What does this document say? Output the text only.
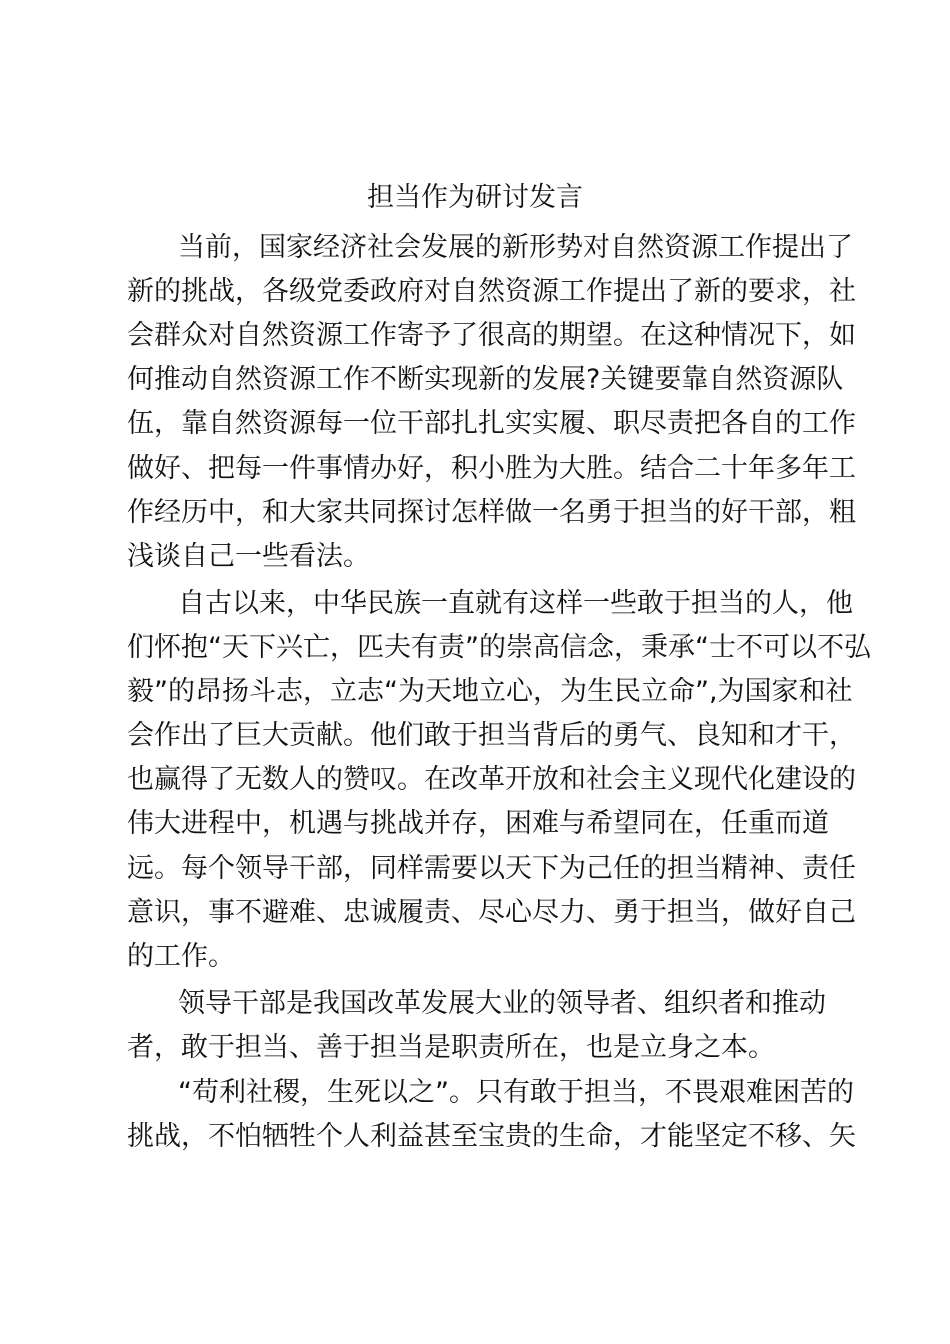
担当作为研讨发言

当前，国家经济社会发展的新形势对自然资源工作提出了

新的挑战，各级党委政府对自然资源工作提出了新的要求，社

会群众对自然资源工作寄予了很高的期望。在这种情况下，如

何推动自然资源工作不断实现新的发展?关键要靠自然资源队

伍，靠自然资源每一位干部扎扎实实履、职尽责把各自的工作

做好、把每一件事情办好，积小胜为大胜。结合二十年多年工

作经历中，和大家共同探讨怎样做一名勇于担当的好干部，粗

浅谈自己一些看法。

自古以来，中华民族一直就有这样一些敢于担当的人，他

们怀抱“天下兴亡，匹夫有责”的崇高信念，秉承“士不可以不弘

毅”的昂扬斗志，立志“为天地立心，为生民立命”,为国家和社

会作出了巨大贡献。他们敢于担当背后的勇气、良知和才干，

也赢得了无数人的赞叹。在改革开放和社会主义现代化建设的

伟大进程中，机遇与挑战并存，困难与希望同在，任重而道

远。每个领导干部，同样需要以天下为己任的担当精神、责任

意识，事不避难、忠诚履责、尽心尽力、勇于担当，做好自己

的工作。

领导干部是我国改革发展大业的领导者、组织者和推动

者，敢于担当、善于担当是职责所在，也是立身之本。

“苟利社稷，生死以之”。只有敢于担当，不畏艰难困苦的

挑战，不怕牺牲个人利益甚至宝贵的生命，才能坚定不移、矢
